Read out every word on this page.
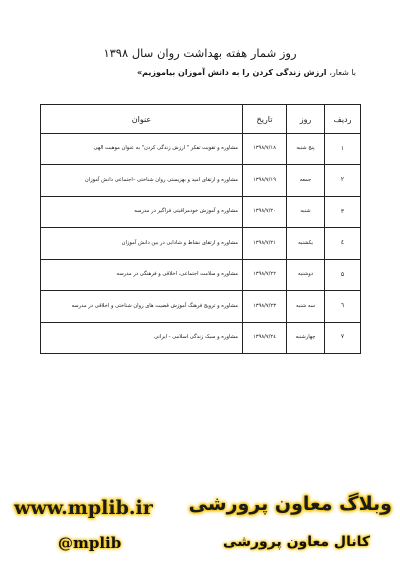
روز شمار هفته بهداشت روان سال ۱۳۹۸
با شعار، ارزش زندگی کردن را به دانش آموزان بیاموزیم»
ردیف	روز	تاریخ	عنوان
۱	پنج شنبه	۱۳۹۸/۷/۱۸	مشاوره و تقویت تفکر " ارزش زندگی کردن" به عنوان موهبت الهی
۲	جمعه	۱۳۹۸/۷/۱۹	مشاوره و ارتقای امید و بهزیستی روان شناختی –اجتماعی دانش آموزان
۳	شنبه	۱۳۹۸/۷/۲۰	مشاوره و آموزش خودمراقبتی فراگیر در مدرسه
٤	یکشنبه	۱۳۹۸/۷/۲۱	مشاوره و ارتقای نشاط و شادابی در بین دانش آموزان
۵	دوشنبه	۱۳۹۸/۷/۲۲	مشاوره و سلامت اجتماعی، اخلاقی و فرهنگی در مدرسه
٦	سه شنبه	۱۳۹۸/۷/۲۳	مشاوره و ترویج فرهنگ آموزش قضیت های روان شناختی و اخلاقی در مدرسه
۷	چهارشنبه	۱۳۹۸/۷/۲٤	مشاوره و سبک زندگی اسلامی - ایرانی
وبلاگ معاون پرورشی
www.mplib.ir
کانال معاون پرورشی
@mplib
